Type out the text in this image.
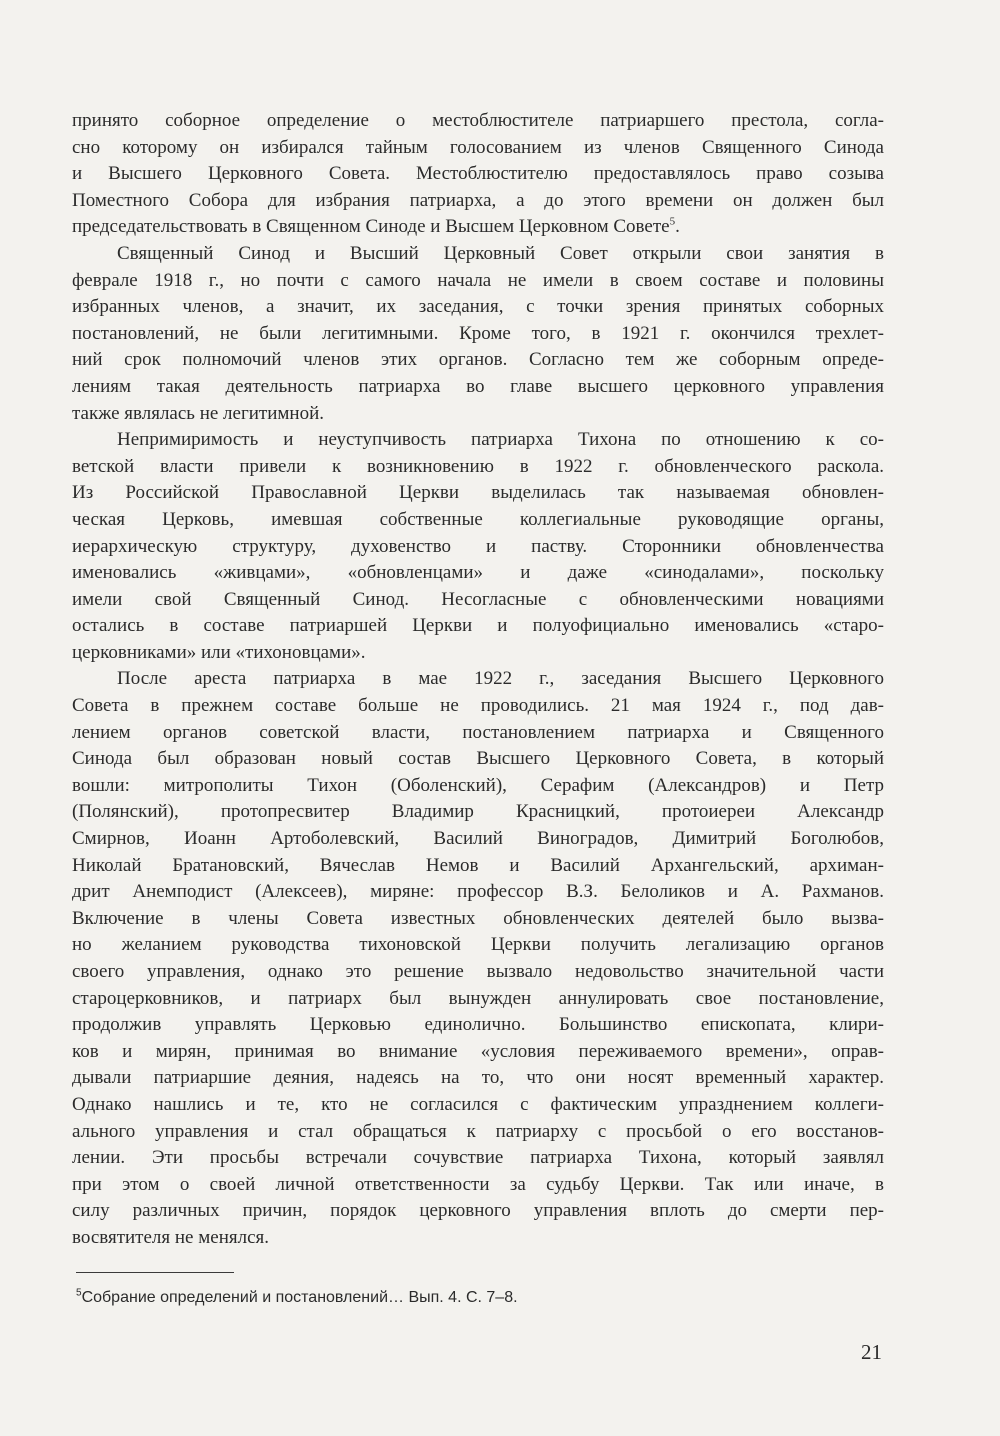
принято соборное определение о местоблюстителе патриаршего престола, согла-
сно которому он избирался тайным голосованием из членов Священного Синода
и Высшего Церковного Совета. Местоблюстителю предоставлялось право созыва
Поместного Собора для избрания патриарха, а до этого времени он должен был
председательствовать в Священном Синоде и Высшем Церковном Совете$^5$.
Священный Синод и Высший Церковный Совет открыли свои занятия в
феврале 1918 г., но почти с самого начала не имели в своем составе и половины
избранных членов, а значит, их заседания, с точки зрения принятых соборных
постановлений, не были легитимными. Кроме того, в 1921 г. окончился трехлет-
ний срок полномочий членов этих органов. Согласно тем же соборным опреде-
лениям такая деятельность патриарха во главе высшего церковного управления
также являлась не легитимной.
Непримиримость и неуступчивость патриарха Тихона по отношению к со-
ветской власти привели к возникновению в 1922 г. обновленческого раскола.
Из Российской Православной Церкви выделилась так называемая обновлен-
ческая Церковь, имевшая собственные коллегиальные руководящие органы,
иерархическую структуру, духовенство и паству. Сторонники обновленчества
именовались «живцами», «обновленцами» и даже «синодалами», поскольку
имели свой Священный Синод. Несогласные с обновленческими новациями
остались в составе патриаршей Церкви и полуофициально именовались «старо-
церковниками» или «тихоновцами».
После ареста патриарха в мае 1922 г., заседания Высшего Церковного
Совета в прежнем составе больше не проводились. 21 мая 1924 г., под дав-
лением органов советской власти, постановлением патриарха и Священного
Синода был образован новый состав Высшего Церковного Совета, в который
вошли: митрополиты Тихон (Оболенский), Серафим (Александров) и Петр
(Полянский), протопресвитер Владимир Красницкий, протоиереи Александр
Смирнов, Иоанн Артоболевский, Василий Виноградов, Димитрий Боголюбов,
Николай Братановский, Вячеслав Немов и Василий Архангельский, архиман-
дрит Анемподист (Алексеев), миряне: профессор В.З. Белоликов и А. Рахманов.
Включение в члены Совета известных обновленческих деятелей было вызва-
но желанием руководства тихоновской Церкви получить легализацию органов
своего управления, однако это решение вызвало недовольство значительной части
староцерковников, и патриарх был вынужден аннулировать свое постановление,
продолжив управлять Церковью единолично. Большинство епископата, клири-
ков и мирян, принимая во внимание «условия переживаемого времени», оправ-
дывали патриаршие деяния, надеясь на то, что они носят временный характер.
Однако нашлись и те, кто не согласился с фактическим упразднением коллеги-
ального управления и стал обращаться к патриарху с просьбой о его восстанов-
лении. Эти просьбы встречали сочувствие патриарха Тихона, который заявлял
при этом о своей личной ответственности за судьбу Церкви. Так или иначе, в
силу различных причин, порядок церковного управления вплоть до смерти пер-
восвятителя не менялся.
$^5$Собрание определений и постановлений… Вып. 4. С. 7–8.
21
